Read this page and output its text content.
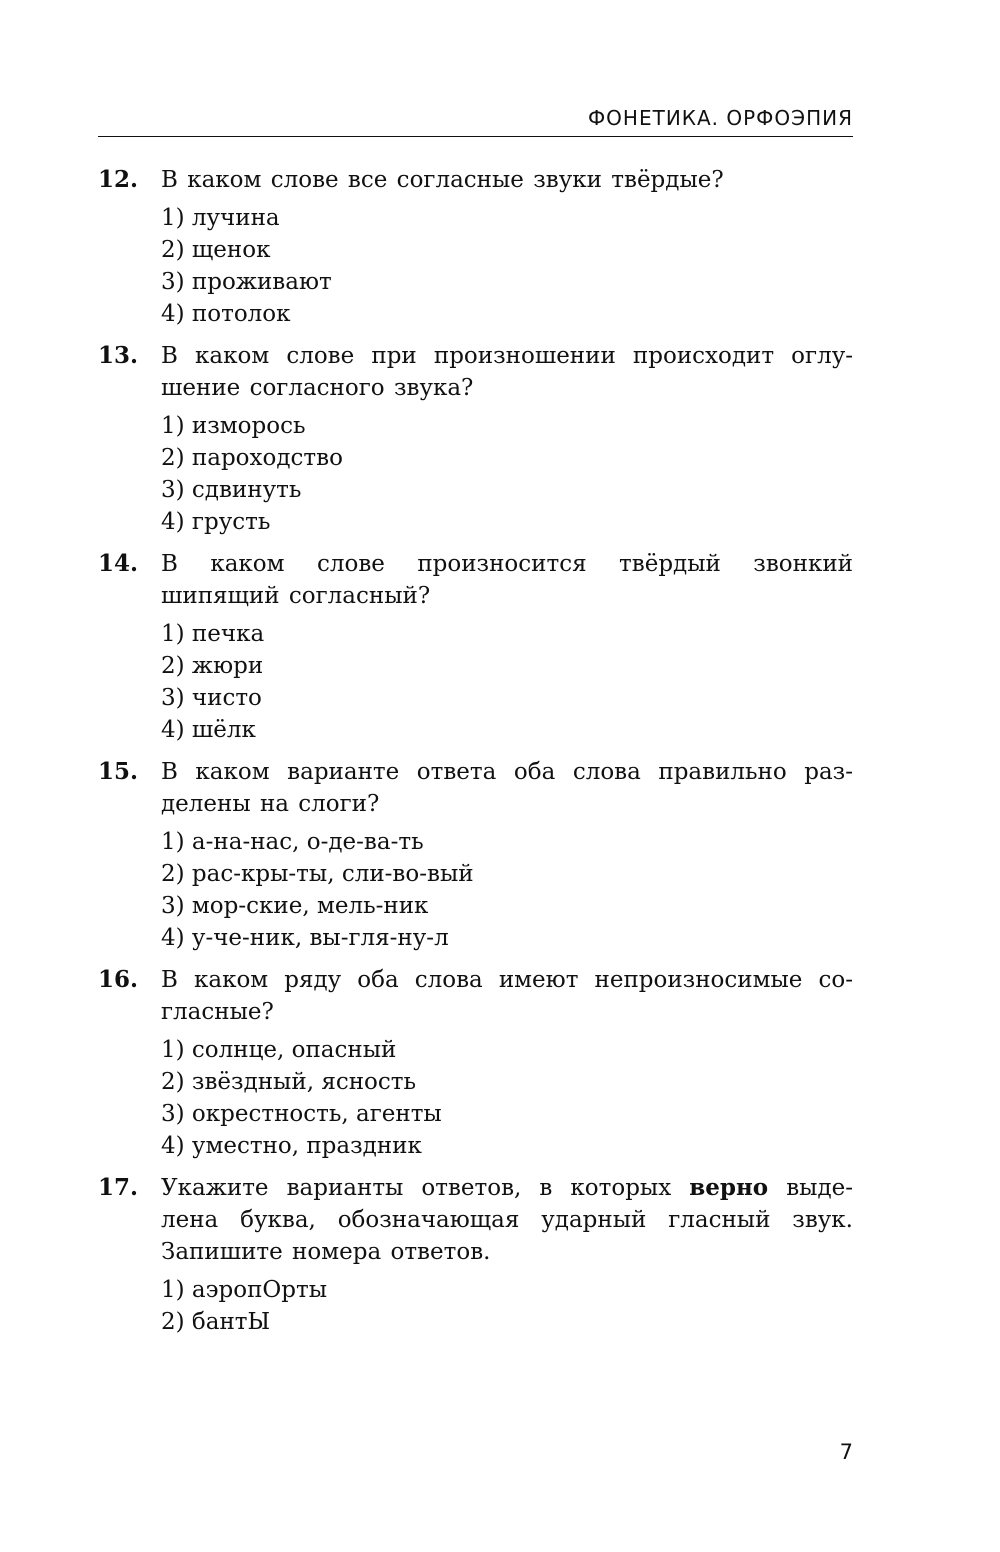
ФОНЕТИКА. ОРФОЭПИЯ
12. В каком слове все согласные звуки твёрдые?
1) лучина
2) щенок
3) проживают
4) потолок
13. В каком слове при произношении происходит оглу-шение согласного звука?
1) изморось
2) пароходство
3) сдвинуть
4) грусть
14. В каком слове произносится твёрдый звонкий шипящий согласный?
1) печка
2) жюри
3) чисто
4) шёлк
15. В каком варианте ответа оба слова правильно раз-делены на слоги?
1) а-на-нас, о-де-ва-ть
2) рас-кры-ты, сли-во-вый
3) мор-ские, мель-ник
4) у-че-ник, вы-гля-ну-л
16. В каком ряду оба слова имеют непроизносимые со-гласные?
1) солнце, опасный
2) звёздный, ясность
3) окрестность, агенты
4) уместно, праздник
17. Укажите варианты ответов, в которых верно выде-лена буква, обозначающая ударный гласный звук. Запишите номера ответов.
1) аэропОрты
2) бантЫ
7
